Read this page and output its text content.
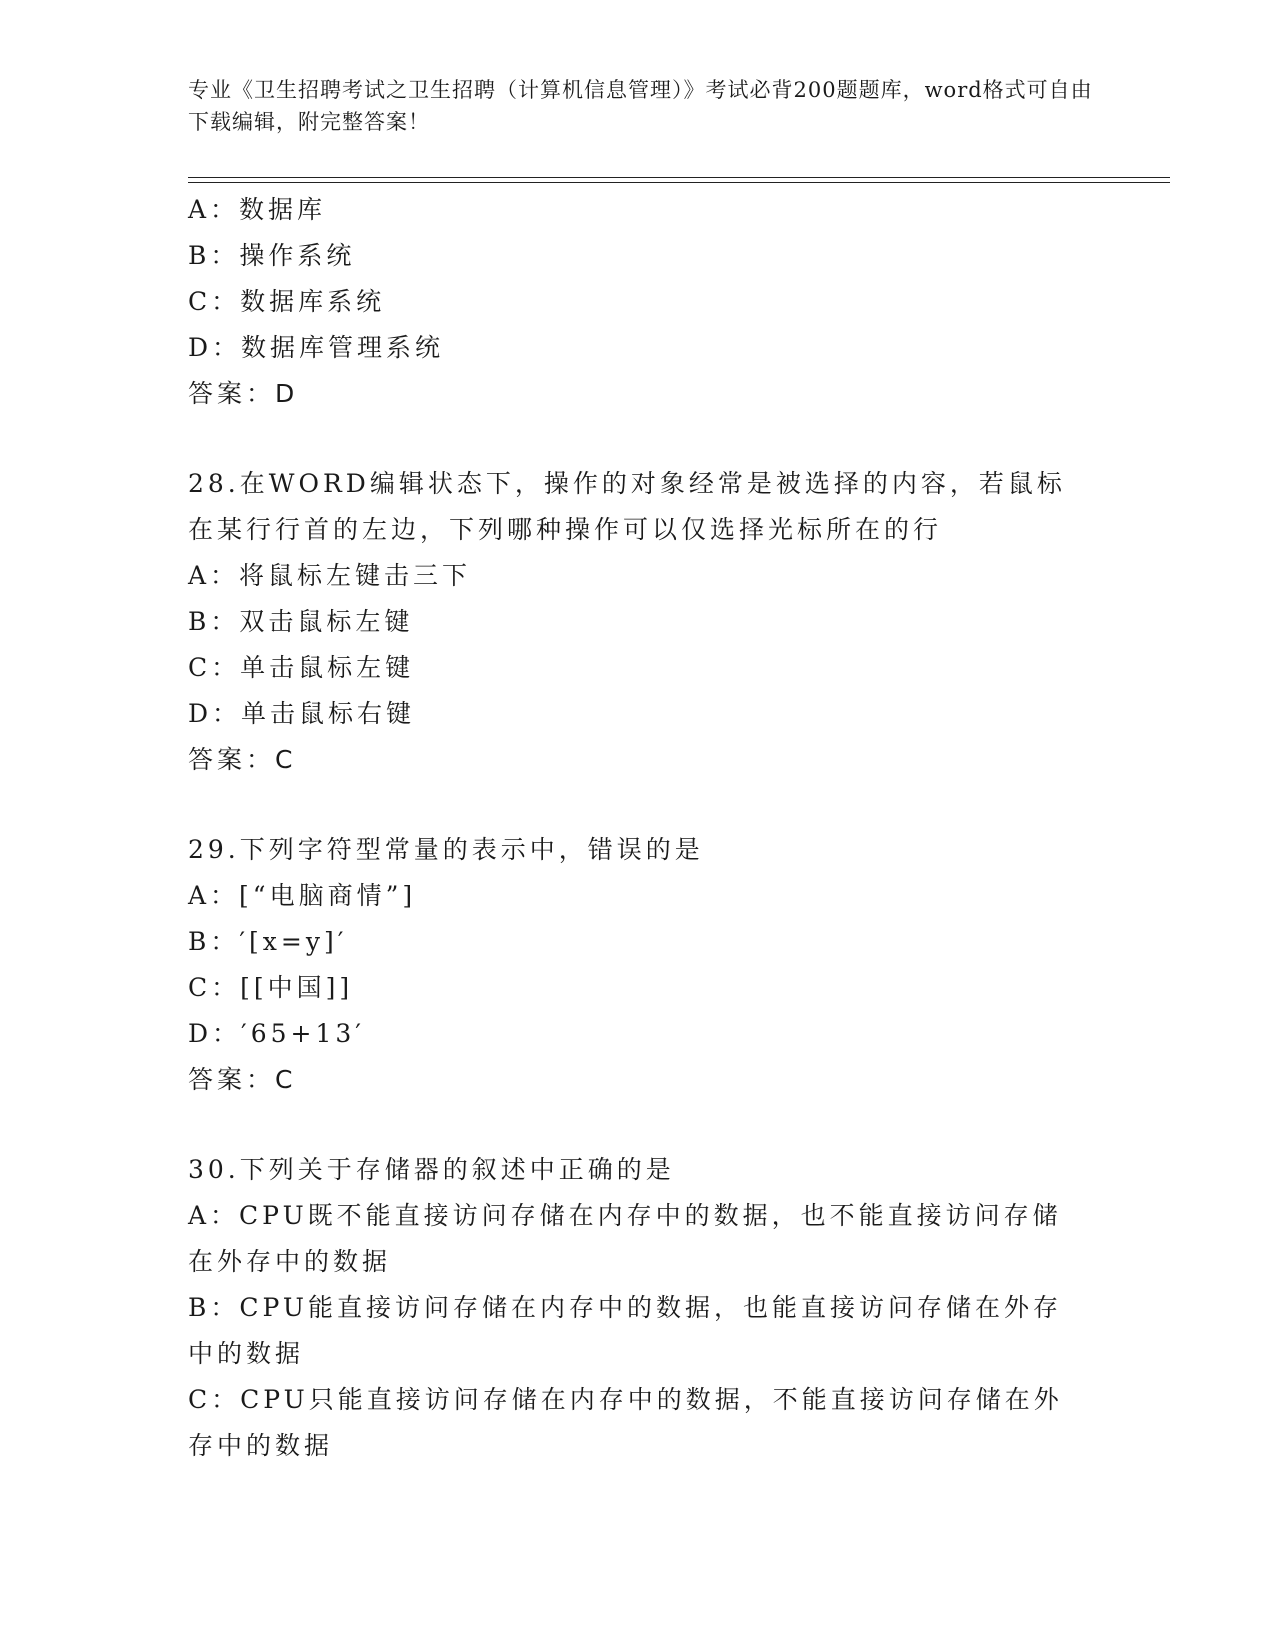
专业《卫生招聘考试之卫生招聘（计算机信息管理）》考试必背200题题库，word格式可自由下载编辑，附完整答案！
A：数据库
B：操作系统
C：数据库系统
D：数据库管理系统
答案：D
28.在WORD编辑状态下，操作的对象经常是被选择的内容，若鼠标在某行行首的左边，下列哪种操作可以仅选择光标所在的行
A：将鼠标左键击三下
B：双击鼠标左键
C：单击鼠标左键
D：单击鼠标右键
答案：C
29.下列字符型常量的表示中，错误的是
A：[“电脑商情”]
B：′[x=y]′
C：[[中国]]
D：′65+13′
答案：C
30.下列关于存储器的叙述中正确的是
A：CPU既不能直接访问存储在内存中的数据，也不能直接访问存储在外存中的数据
B：CPU能直接访问存储在内存中的数据，也能直接访问存储在外存中的数据
C：CPU只能直接访问存储在内存中的数据，不能直接访问存储在外存中的数据
